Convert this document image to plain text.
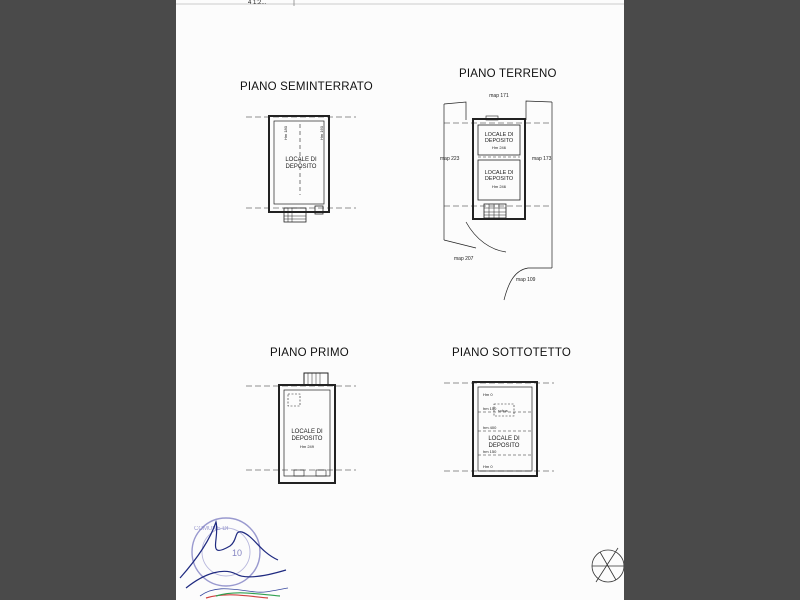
PIANO SEMINTERRATO
PIANO TERRENO
PIANO PRIMO	PIANO SOTTOTETTO
4 1:2...
LOCALE DI
DEPOSITO
Hm 180	Hm 160
map 171
map 223	map 173
map 207
map 109
LOCALE DI
DEPOSITO
Hm 246
LOCALE DI
DEPOSITO
Hm 246
LOCALE DI
DEPOSITO
Hm 249
Hm 0
hm 150
hm 400
hm 150
Hm 0
sohua
LOCALE DI
DEPOSITO
COMUNE DI
10
